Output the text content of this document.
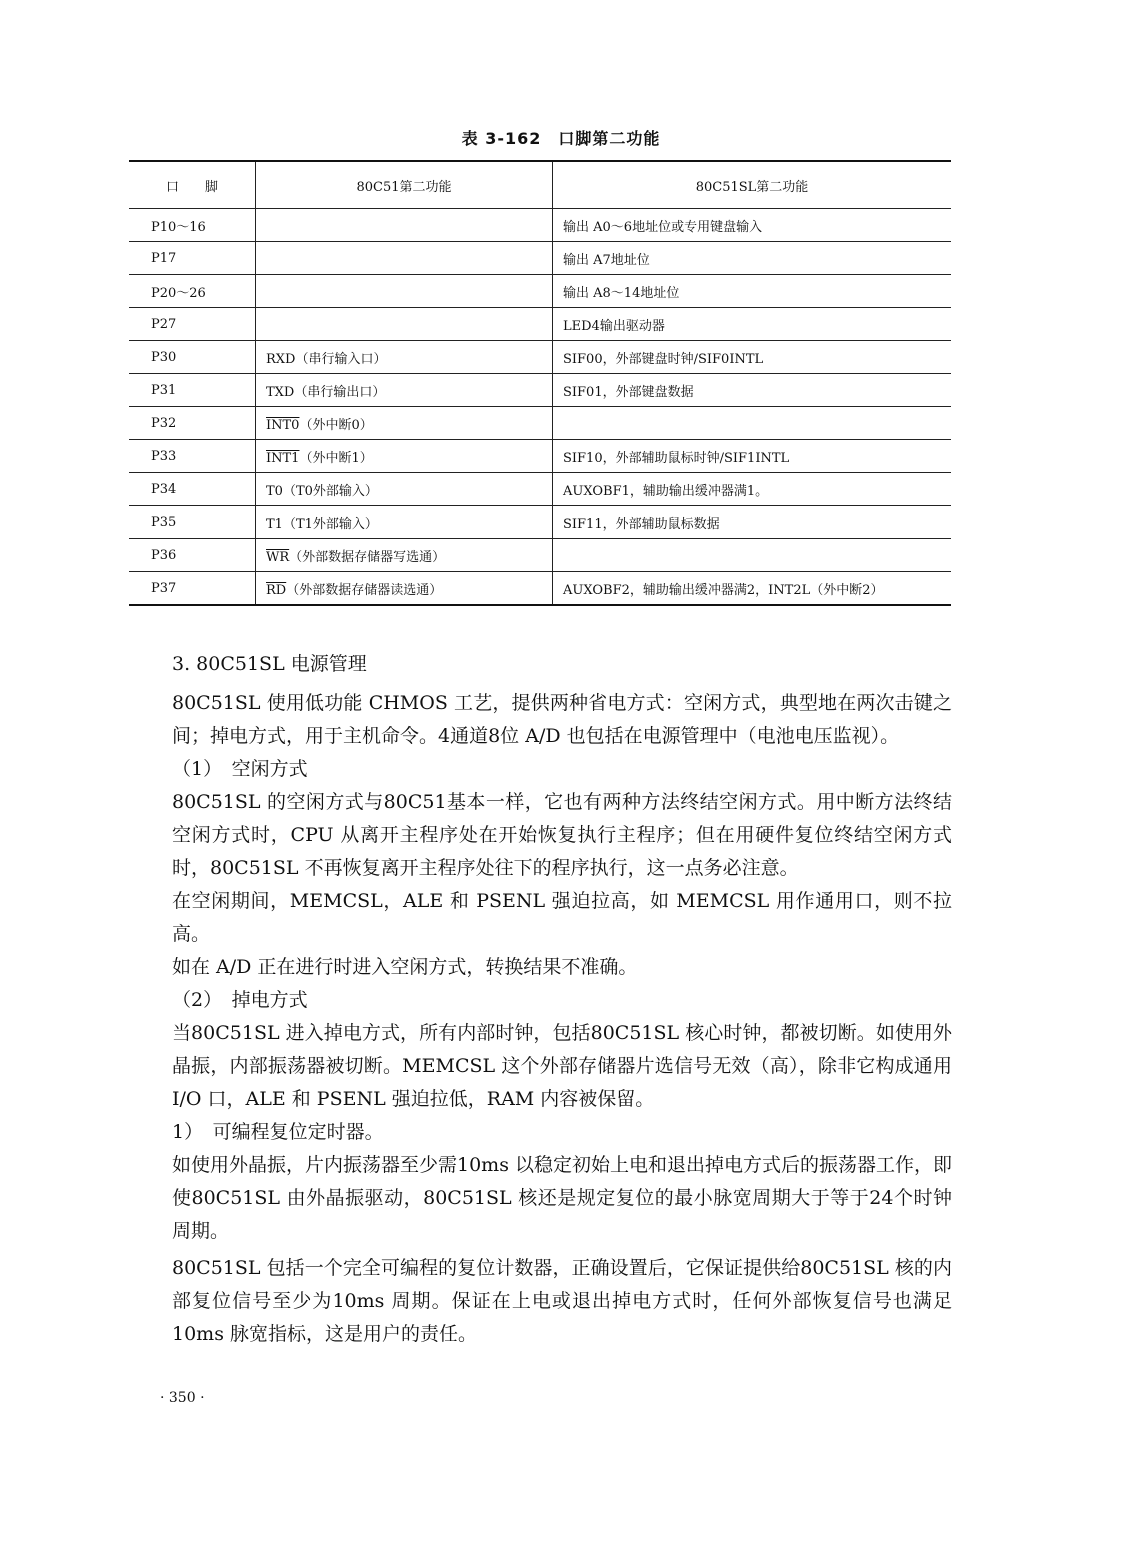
表 3-162　口脚第二功能
口　　脚	80C51第二功能	80C51SL第二功能
P10～16		输出 A0～6地址位或专用键盘输入
P17		输出 A7地址位
P20～26		输出 A8～14地址位
P27		LED4输出驱动器
P30	RXD（串行输入口）	SIF00，外部键盘时钟/SIF0INTL
P31	TXD（串行输出口）	SIF01，外部键盘数据
P32	INT0（外中断0）	
P33	INT1（外中断1）	SIF10，外部辅助鼠标时钟/SIF1INTL
P34	T0（T0外部输入）	AUXOBF1，辅助输出缓冲器满1。
P35	T1（T1外部输入）	SIF11，外部辅助鼠标数据
P36	$\overline{WR}$（外部数据存储器写选通）	
P37	$\overline{RD}$（外部数据存储器读选通）	AUXOBF2，辅助输出缓冲器满2，INT2L（外中断2）

3. 80C51SL 电源管理

80C51SL 使用低功能 CHMOS 工艺，提供两种省电方式：空闲方式，典型地在两次击键之间；掉电方式，用于主机命令。4通道8位 A/D 也包括在电源管理中（电池电压监视）。

（1）　空闲方式

80C51SL 的空闲方式与80C51基本一样，它也有两种方法终结空闲方式。用中断方法终结空闲方式时，CPU 从离开主程序处在开始恢复执行主程序；但在用硬件复位终结空闲方式时，80C51SL 不再恢复离开主程序处往下的程序执行，这一点务必注意。

在空闲期间，MEMCSL，ALE 和 PSENL 强迫拉高，如 MEMCSL 用作通用口，则不拉高。

如在 A/D 正在进行时进入空闲方式，转换结果不准确。

（2）　掉电方式

当80C51SL 进入掉电方式，所有内部时钟，包括80C51SL 核心时钟，都被切断。如使用外晶振，内部振荡器被切断。MEMCSL 这个外部存储器片选信号无效（高），除非它构成通用 I/O 口，ALE 和 PSENL 强迫拉低，RAM 内容被保留。

1）　可编程复位定时器。

如使用外晶振，片内振荡器至少需10ms 以稳定初始上电和退出掉电方式后的振荡器工作，即使80C51SL 由外晶振驱动，80C51SL 核还是规定复位的最小脉宽周期大于等于24个时钟周期。

80C51SL 包括一个完全可编程的复位计数器，正确设置后，它保证提供给80C51SL 核的内部复位信号至少为10ms 周期。保证在上电或退出掉电方式时，任何外部恢复信号也满足10ms 脉宽指标，这是用户的责任。

· 350 ·
